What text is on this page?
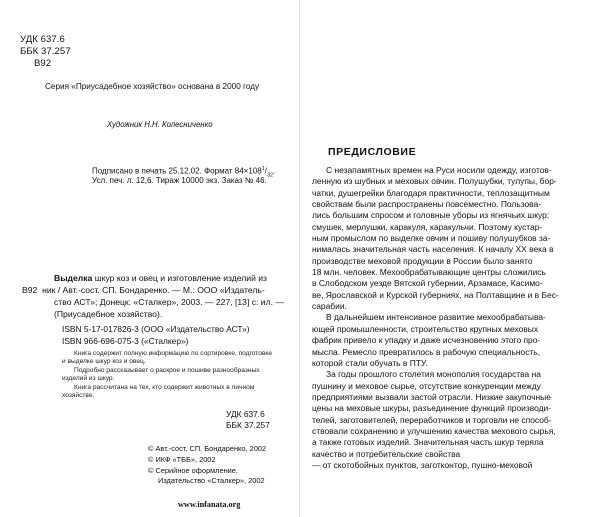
УДК 637.6
ББК 37.257
В92
Серия «Приусадебное хозяйство» основана в 2000 году
Художник Н.Н. Колесниченко
Подписано в печать 25.12.02. Формат $84\times 108^1/_{32}$.
Усл. печ. л. 12,6. Тираж 10000 экз. Заказ № 46.
Выделка шкур коз и овец и изготовление изделий из
В92 ник / Авт.-сост. СП. Бондаренко. — М.: ООО «Издатель-
ство АСТ»; Донецк: «Сталкер», 2003. — 227, [13] с: ил. —
(Приусадебное хозяйство).
ISBN 5-17-017826-3 (ООО «Издательство АСТ»)
ISBN 966-696-075-3 («Сталкер»)

Книга содержит полную информацию по сортировке, подготовке и выделке шкур коз и овец.

Подробно рассказывает о раскрое и пошиве разнообразных изделий из шкур.

Книга рассчитана на тех, кто содержит животных в личном хозяйстве.

УДК 637.6
ББК 37.257
© Авт.-сост. СП. Бондаренко, 2002
© ИКФ «ТББ», 2002
© Серийное оформление.
Издательство «Сталкер», 2002
www.infanata.org
ПРЕДИСЛОВИЕ
С незапамятных времен на Руси носили одежду, изготов-
ленную из шубных и меховых овчин. Полушубки, тулупы, бор-
чатки, душегрейки благодаря практичности, теплозащитным
свойствам были распространены повсеместно. Пользова-
лись большим спросом и головные уборы из ягнячьих шкур:
смушек, мерлушки, каракуля, каракульчи. Поэтому кустар-
ным промыслом по выделке овчин и пошиву полушубков за-
нималась значительная часть населения. К началу XX века в
производстве меховой продукции в России было занято
18 млн. человек. Мехообрабатывающие центры сложились
в Слободском уезде Вятской губернии, Арзамасе, Касимо-
ве, Ярославской и Курской губерниях, на Полтавщине и в Бес-
сарабии.
В дальнейшем интенсивное развитие мехообрабатыва-
ющей промышленности, строительство крупных меховых
фабрик привело к упадку и даже исчезновению этого про-
мысла. Ремесло превратилось в рабочую специальность,
которой стали обучать в ПТУ.
За годы прошлого столетия монополия государства на
пушнину и меховое сырье, отсутствие конкуренции между
предприятиями вызвали застой отрасли. Низкие закупочные
цены на меховые шкуры, разъединение функций производи-
телей, заготовителей, переработчиков и торговли не способ-
ствовали сохранению и улучшению качества мехового сырья,
а также готовых изделий. Значительная часть шкур теряла
качество и потребительские свойства
— от скотобойных пунктов, заготконтор, пушно-меховой
